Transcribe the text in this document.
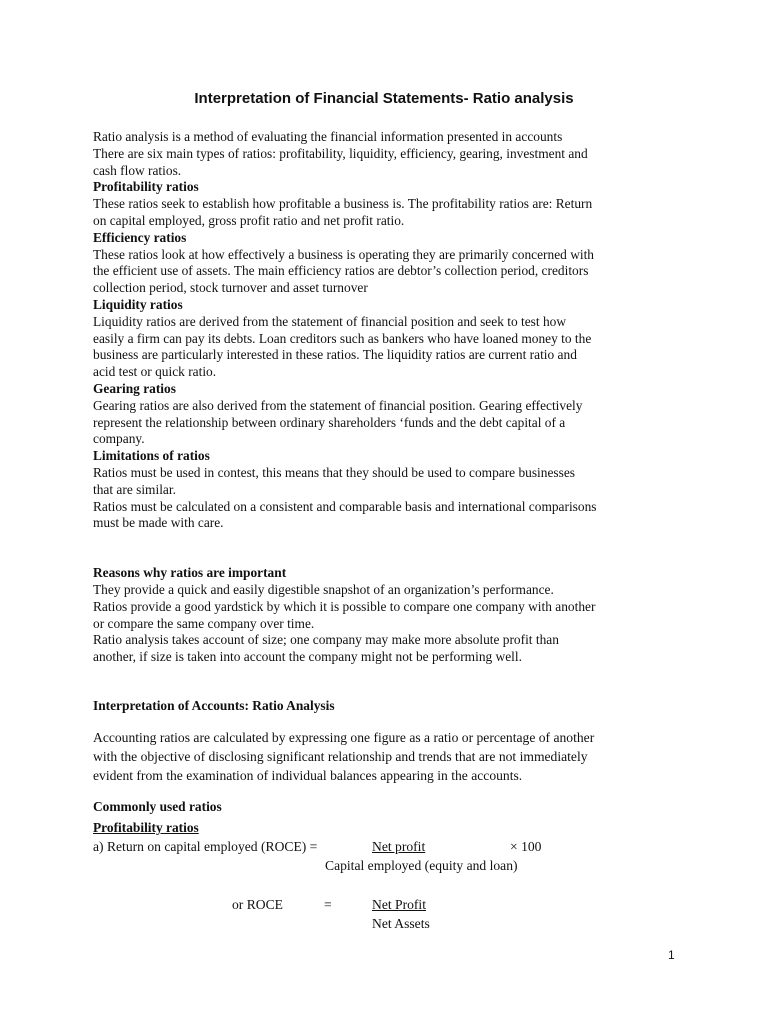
Interpretation of Financial Statements- Ratio analysis

Ratio analysis is a method of evaluating the financial information presented in accounts

There are six main types of ratios: profitability, liquidity, efficiency, gearing, investment and

cash flow ratios.

Profitability ratios

These ratios seek to establish how profitable a business is. The profitability ratios are: Return

on capital employed, gross profit ratio and net profit ratio.

Efficiency ratios

These ratios look at how effectively a business is operating they are primarily concerned with

the efficient use of assets. The main efficiency ratios are debtor’s collection period, creditors

collection period, stock turnover and asset turnover

Liquidity ratios

Liquidity ratios are derived from the statement of financial position and seek to test how

easily a firm can pay its debts. Loan creditors such as bankers who have loaned money to the

business are particularly interested in these ratios. The liquidity ratios are current ratio and

acid test or quick ratio.

Gearing ratios

Gearing ratios are also derived from the statement of financial position. Gearing effectively

represent the relationship between ordinary shareholders ‘funds and the debt capital of a

company.

Limitations of ratios

Ratios must be used in contest, this means that they should be used to compare businesses

that are similar.

Ratios must be calculated on a consistent and comparable basis and international comparisons

must be made with care.

Reasons why ratios are important

They provide a quick and easily digestible snapshot of an organization’s performance.

Ratios provide a good yardstick by which it is possible to compare one company with another

or compare the same company over time.

Ratio analysis takes account of size; one company may make more absolute profit than

another, if size is taken into account the company might not be performing well.

Interpretation of Accounts: Ratio Analysis

Accounting ratios are calculated by expressing one figure as a ratio or percentage of another

with the objective of disclosing significant relationship and trends that are not immediately

evident from the examination of individual balances appearing in the accounts.

Commonly used ratios

Profitability ratios

a) Return on capital employed (ROCE) =	Net profit	× 100
Capital employed (equity and loan)
or ROCE	=	Net Profit
Net Assets
1
